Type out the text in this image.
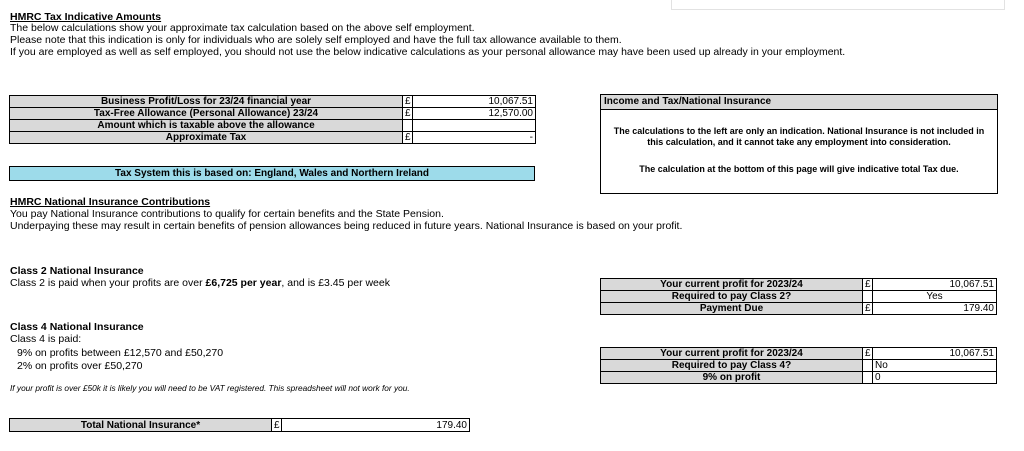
HMRC Tax Indicative Amounts
The below calculations show your approximate tax calculation based on the above self employment.
Please note that this indication is only for individuals who are solely self employed and have the full tax allowance available to them.
If you are employed as well as self employed, you should not use the below indicative calculations as your personal allowance may have been used up already in your employment.
Business Profit/Loss for 23/24 financial year	£	10,067.51
Tax-Free Allowance (Personal Allowance) 23/24	£	12,570.00
Amount which is taxable above the allowance		
Approximate Tax	£	-
Tax System this is based on: England, Wales and Northern Ireland
Income and Tax/National Insurance

The calculations to the left are only an indication. National Insurance is not included in this calculation, and it cannot take any employment into consideration.

The calculation at the bottom of this page will give indicative total Tax due.

HMRC National Insurance Contributions
You pay National Insurance contributions to qualify for certain benefits and the State Pension.
Underpaying these may result in certain benefits of pension allowances being reduced in future years. National Insurance is based on your profit.
Class 2 National Insurance
Class 2 is paid when your profits are over £6,725 per year, and is £3.45 per week	Your current profit for 2023/24	£	10,067.51
Required to pay Class 2?		Yes
Payment Due	£	179.40
Class 4 National Insurance
Class 4 is paid:
9% on profits between £12,570 and £50,270
2% on profits over £50,270
Your current profit for 2023/24	£	10,067.51
Required to pay Class 4?		No
9% on profit		0
If your profit is over £50k it is likely you will need to be VAT registered. This spreadsheet will not work for you.
Total National Insurance*	£	179.40
